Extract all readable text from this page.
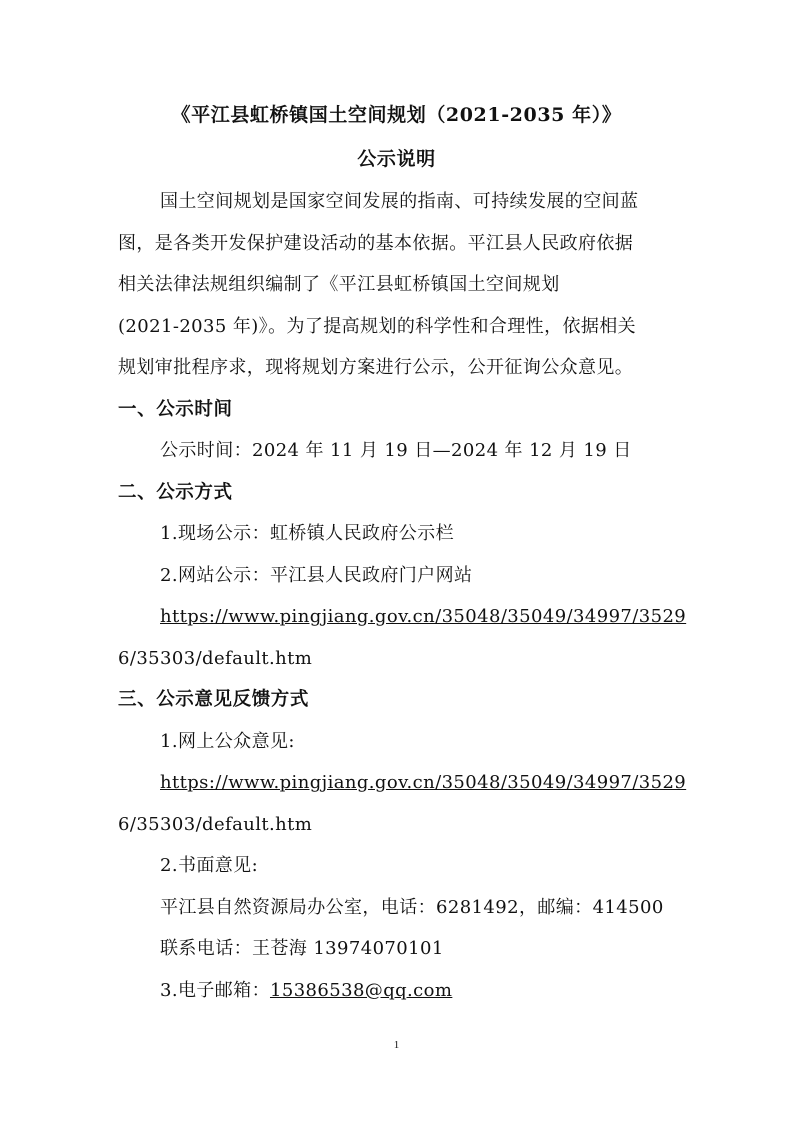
《平江县虹桥镇国土空间规划（2021-2035 年）》
公示说明
国土空间规划是国家空间发展的指南、可持续发展的空间蓝
图，是各类开发保护建设活动的基本依据。平江县人民政府依据
相关法律法规组织编制了《平江县虹桥镇国土空间规划
(2021-2035 年)》。为了提高规划的科学性和合理性，依据相关
规划审批程序求，现将规划方案进行公示，公开征询公众意见。
一、公示时间
公示时间：2024 年 11 月 19 日—2024 年 12 月 19 日
二、公示方式
1.现场公示：虹桥镇人民政府公示栏
2.网站公示：平江县人民政府门户网站
https://www.pingjiang.gov.cn/35048/35049/34997/3529
6/35303/default.htm
三、公示意见反馈方式
1.网上公众意见:
https://www.pingjiang.gov.cn/35048/35049/34997/3529
6/35303/default.htm
2.书面意见:
平江县自然资源局办公室，电话：6281492，邮编：414500
联系电话：王苍海 13974070101
3.电子邮箱：15386538@qq.com
1
